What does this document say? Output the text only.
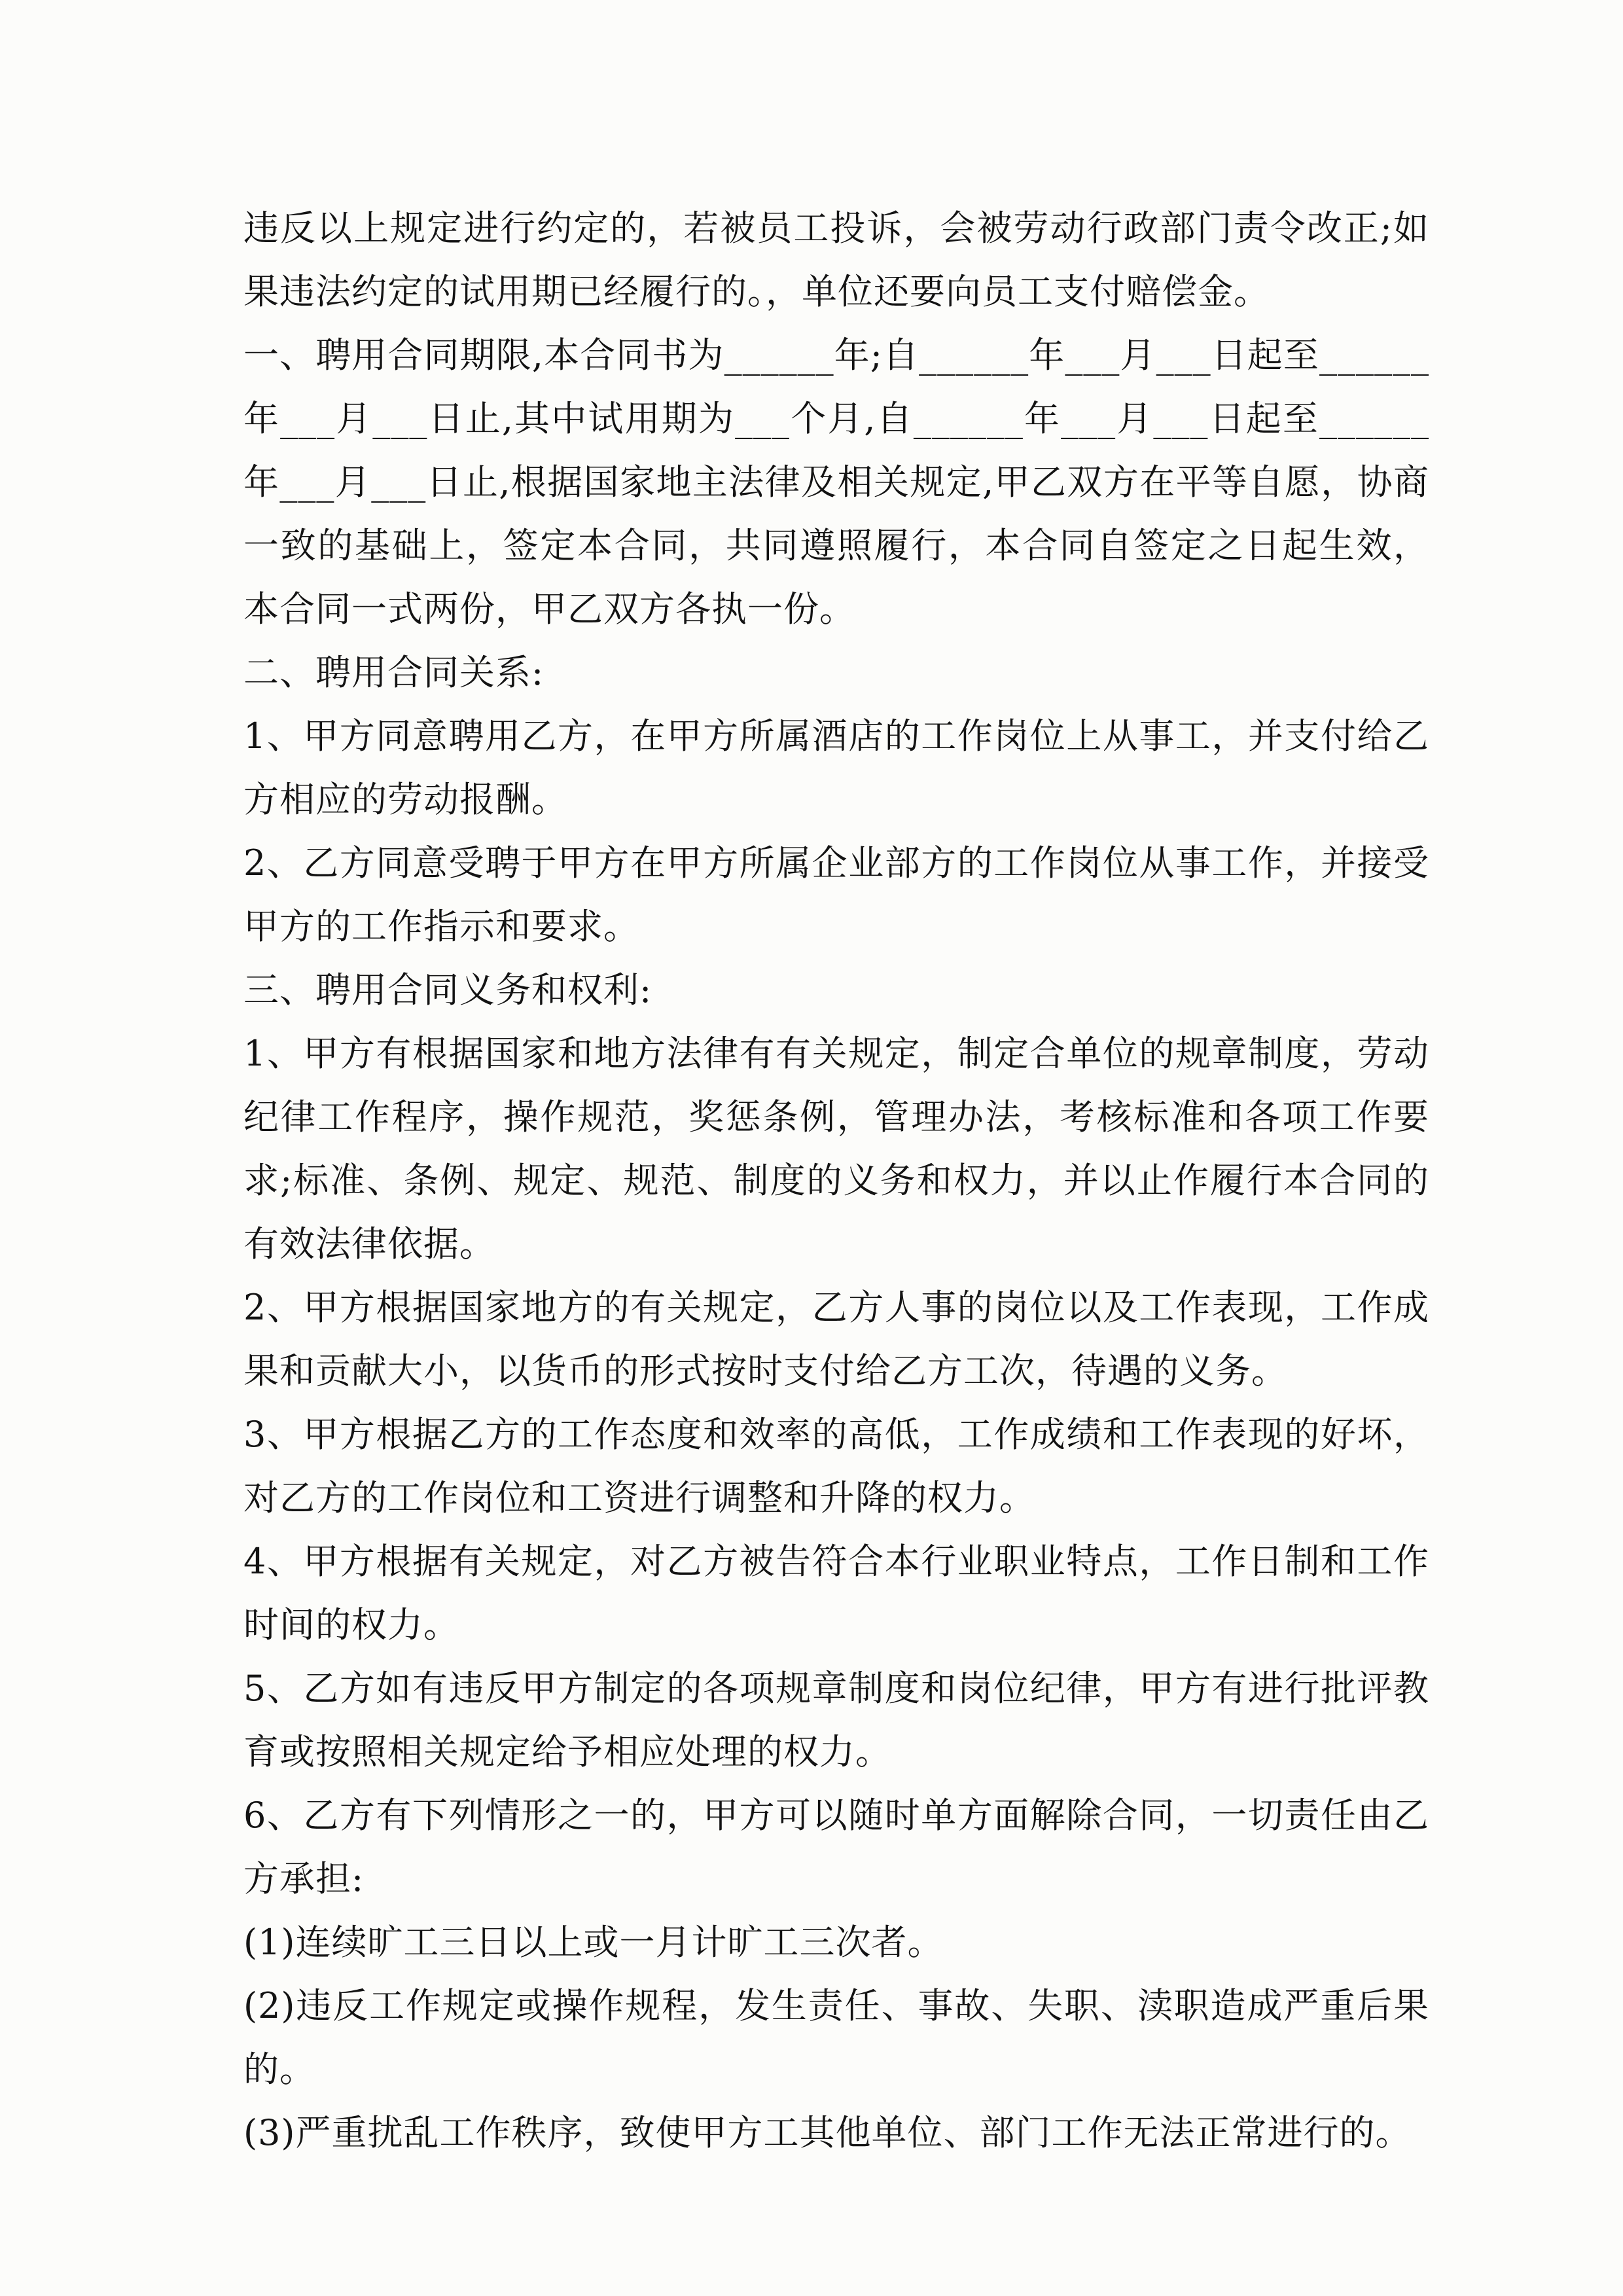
违反以上规定进行约定的，若被员工投诉，会被劳动行政部门责令改正;如果违法约定的试用期已经履行的。，单位还要向员工支付赔偿金。

一、聘用合同期限,本合同书为______年;自______年___月___日起至______年___月___日止,其中试用期为___个月,自______年___月___日起至______年___月___日止,根据国家地主法律及相关规定,甲乙双方在平等自愿，协商一致的基础上，签定本合同，共同遵照履行，本合同自签定之日起生效，本合同一式两份，甲乙双方各执一份。

二、聘用合同关系:

1、甲方同意聘用乙方，在甲方所属酒店的工作岗位上从事工，并支付给乙方相应的劳动报酬。

2、乙方同意受聘于甲方在甲方所属企业部方的工作岗位从事工作，并接受甲方的工作指示和要求。

三、聘用合同义务和权利:

1、甲方有根据国家和地方法律有有关规定，制定合单位的规章制度，劳动纪律工作程序，操作规范，奖惩条例，管理办法，考核标准和各项工作要求;标准、条例、规定、规范、制度的义务和权力，并以止作履行本合同的有效法律依据。

2、甲方根据国家地方的有关规定，乙方人事的岗位以及工作表现，工作成果和贡献大小，以货币的形式按时支付给乙方工次，待遇的义务。

3、甲方根据乙方的工作态度和效率的高低，工作成绩和工作表现的好坏，对乙方的工作岗位和工资进行调整和升降的权力。

4、甲方根据有关规定，对乙方被告符合本行业职业特点，工作日制和工作时间的权力。

5、乙方如有违反甲方制定的各项规章制度和岗位纪律，甲方有进行批评教育或按照相关规定给予相应处理的权力。

6、乙方有下列情形之一的，甲方可以随时单方面解除合同，一切责任由乙方承担:

(1)连续旷工三日以上或一月计旷工三次者。

(2)违反工作规定或操作规程，发生责任、事故、失职、渎职造成严重后果的。

(3)严重扰乱工作秩序，致使甲方工其他单位、部门工作无法正常进行的。
